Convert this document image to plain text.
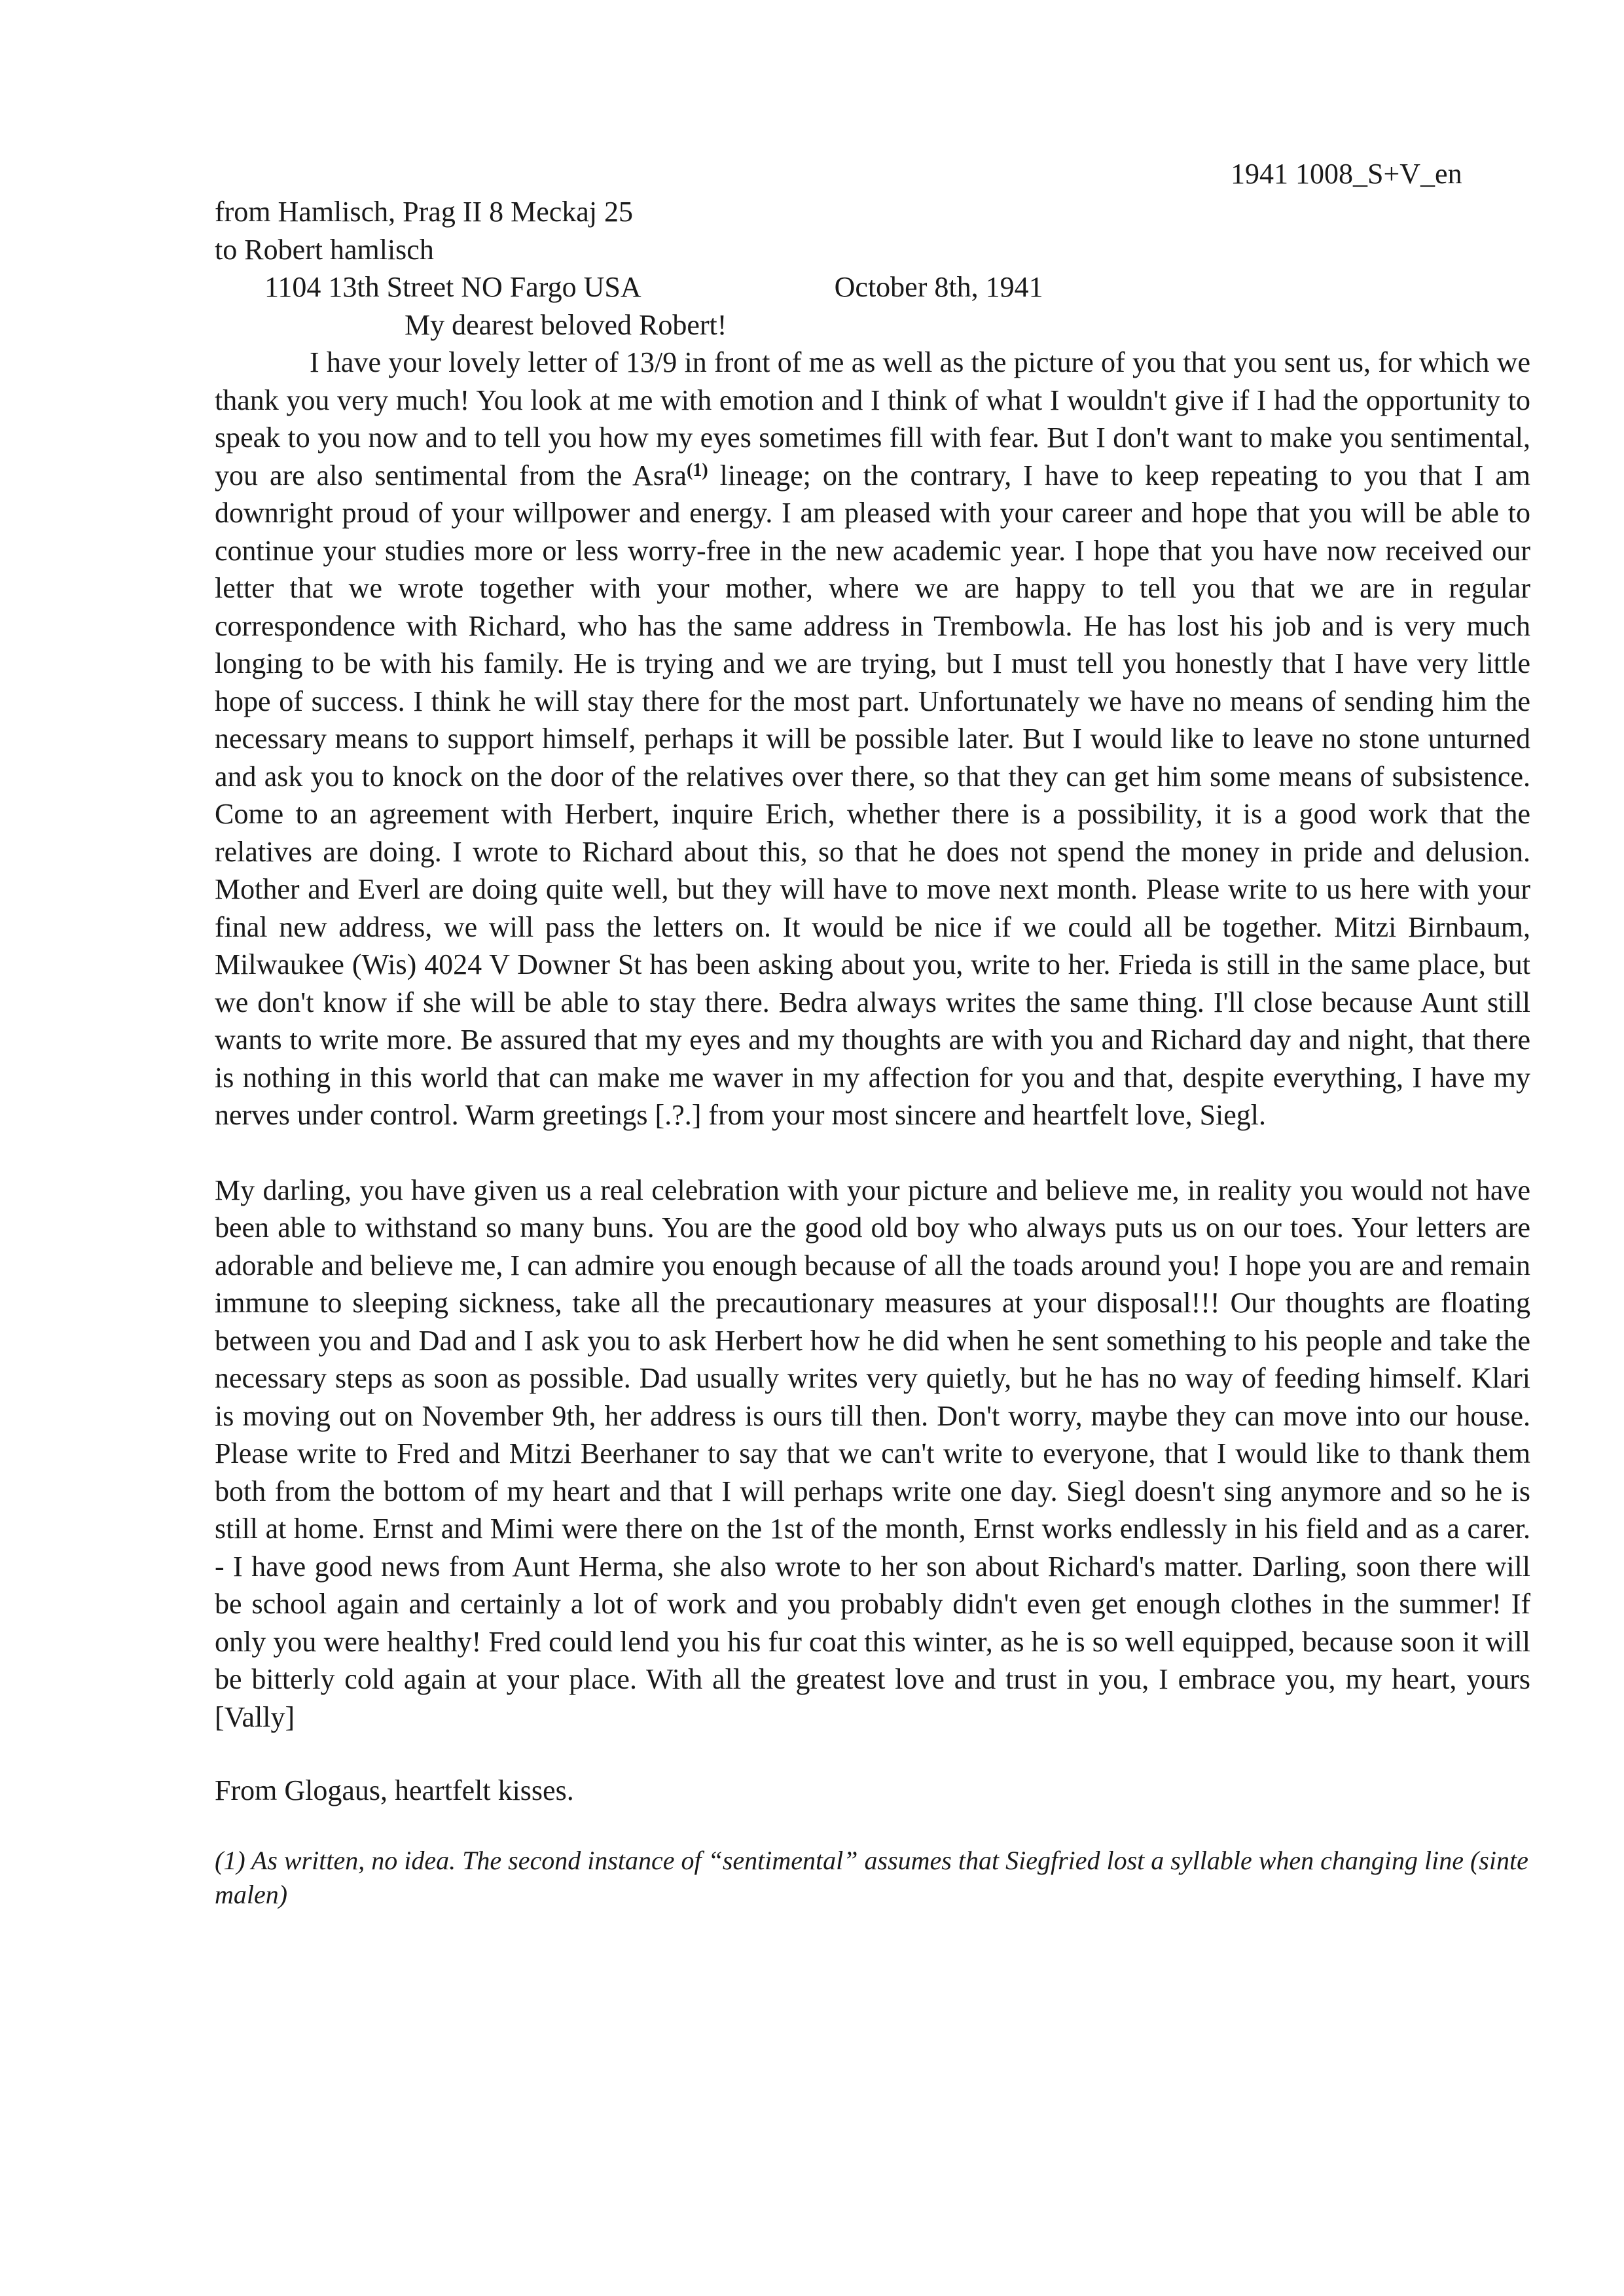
1941 1008_S+V_en
from Hamlisch, Prag II 8 Meckaj 25
to Robert hamlisch
1104 13th Street NO Fargo USA	October 8th, 1941
My dearest beloved Robert!

I have your lovely letter of 13/9 in front of me as well as the picture of you that you sent us, for which we thank you very much! You look at me with emotion and I think of what I wouldn't give if I had the opportunity to speak to you now and to tell you how my eyes sometimes fill with fear. But I don't want to make you sentimental, you are also sentimental from the Asra$^{(1)}$ lineage; on the contrary, I have to keep repeating to you that I am downright proud of your willpower and energy. I am pleased with your career and hope that you will be able to continue your studies more or less worry-free in the new academic year. I hope that you have now received our letter that we wrote together with your mother, where we are happy to tell you that we are in regular correspondence with Richard, who has the same address in Trembowla. He has lost his job and is very much longing to be with his family. He is trying and we are trying, but I must tell you honestly that I have very little hope of success. I think he will stay there for the most part. Unfortunately we have no means of sending him the necessary means to support himself, perhaps it will be possible later. But I would like to leave no stone unturned and ask you to knock on the door of the relatives over there, so that they can get him some means of subsistence. Come to an agreement with Herbert, inquire Erich, whether there is a possibility, it is a good work that the relatives are doing. I wrote to Richard about this, so that he does not spend the money in pride and delusion. Mother and Everl are doing quite well, but they will have to move next month. Please write to us here with your final new address, we will pass the letters on. It would be nice if we could all be together. Mitzi Birnbaum, Milwaukee (Wis) 4024 V Downer St has been asking about you, write to her. Frieda is still in the same place, but we don't know if she will be able to stay there. Bedra always writes the same thing. I'll close because Aunt still wants to write more. Be assured that my eyes and my thoughts are with you and Richard day and night, that there is nothing in this world that can make me waver in my affection for you and that, despite everything, I have my nerves under control. Warm greetings [.?.] from your most sincere and heartfelt love, Siegl.

My darling, you have given us a real celebration with your picture and believe me, in reality you would not have been able to withstand so many buns. You are the good old boy who always puts us on our toes. Your letters are adorable and believe me, I can admire you enough because of all the toads around you! I hope you are and remain immune to sleeping sickness, take all the precautionary measures at your disposal!!! Our thoughts are floating between you and Dad and I ask you to ask Herbert how he did when he sent something to his people and take the necessary steps as soon as possible. Dad usually writes very quietly, but he has no way of feeding himself. Klari is moving out on November 9th, her address is ours till then. Don't worry, maybe they can move into our house. Please write to Fred and Mitzi Beerhaner to say that we can't write to everyone, that I would like to thank them both from the bottom of my heart and that I will perhaps write one day. Siegl doesn't sing anymore and so he is still at home. Ernst and Mimi were there on the 1st of the month, Ernst works endlessly in his field and as a carer. - I have good news from Aunt Herma, she also wrote to her son about Richard's matter. Darling, soon there will be school again and certainly a lot of work and you probably didn't even get enough clothes in the summer! If only you were healthy! Fred could lend you his fur coat this winter, as he is so well equipped, because soon it will be bitterly cold again at your place. With all the greatest love and trust in you, I embrace you, my heart, yours [Vally]

From Glogaus, heartfelt kisses.

(1) As written, no idea. The second instance of “sentimental” assumes that Siegfried lost a syllable when changing line (sinte malen)
